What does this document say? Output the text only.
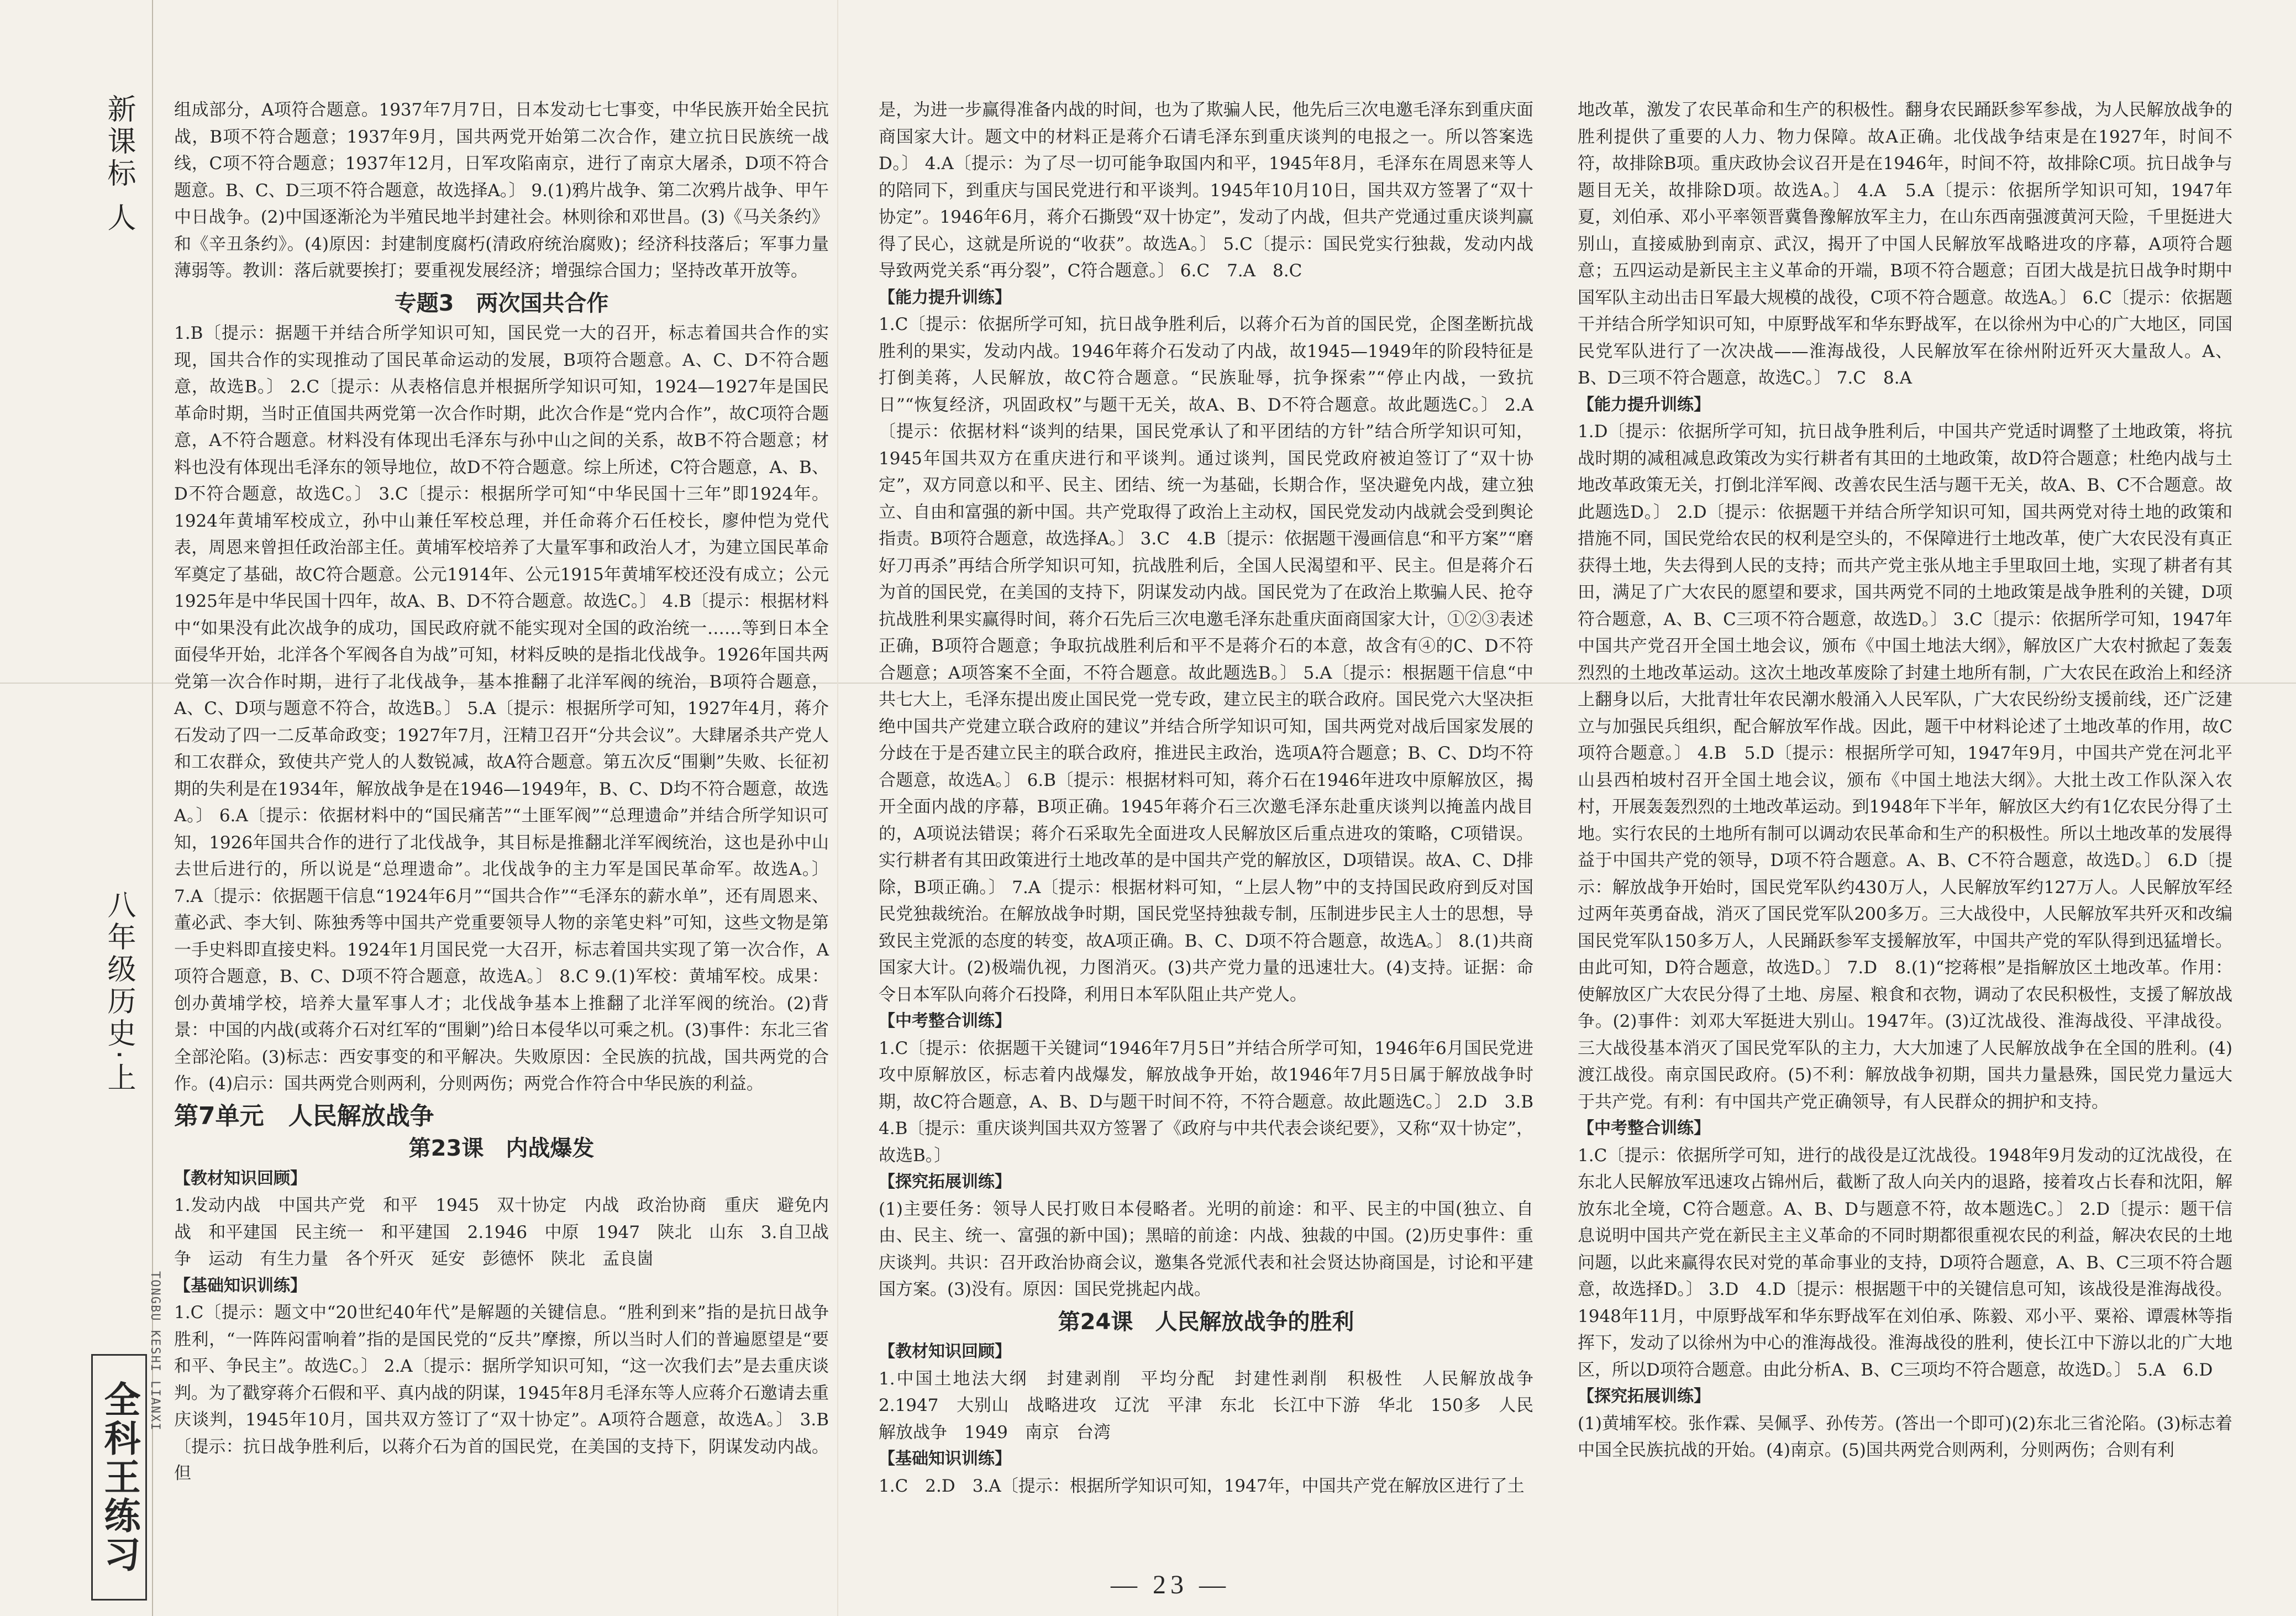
新课标 人
八年级历史·上
TONGBU KESHI LIANXI
全科王练习

组成部分，A项符合题意。1937年7月7日，日本发动七七事变，中华民族开始全民抗战，B项不符合题意；1937年9月，国共两党开始第二次合作，建立抗日民族统一战线，C项不符合题意；1937年12月，日军攻陷南京，进行了南京大屠杀，D项不符合题意。B、C、D三项不符合题意，故选择A。〕 9.(1)鸦片战争、第二次鸦片战争、甲午中日战争。(2)中国逐渐沦为半殖民地半封建社会。林则徐和邓世昌。(3)《马关条约》和《辛丑条约》。(4)原因：封建制度腐朽(清政府统治腐败)；经济科技落后；军事力量薄弱等。教训：落后就要挨打；要重视发展经济；增强综合国力；坚持改革开放等。

专题3　两次国共合作

1.B〔提示：据题干并结合所学知识可知，国民党一大的召开，标志着国共合作的实现，国共合作的实现推动了国民革命运动的发展，B项符合题意。A、C、D不符合题意，故选B。〕 2.C〔提示：从表格信息并根据所学知识可知，1924—1927年是国民革命时期，当时正值国共两党第一次合作时期，此次合作是“党内合作”，故C项符合题意，A不符合题意。材料没有体现出毛泽东与孙中山之间的关系，故B不符合题意；材料也没有体现出毛泽东的领导地位，故D不符合题意。综上所述，C符合题意，A、B、D不符合题意，故选C。〕 3.C〔提示：根据所学可知“中华民国十三年”即1924年。1924年黄埔军校成立，孙中山兼任军校总理，并任命蒋介石任校长，廖仲恺为党代表，周恩来曾担任政治部主任。黄埔军校培养了大量军事和政治人才，为建立国民革命军奠定了基础，故C符合题意。公元1914年、公元1915年黄埔军校还没有成立；公元1925年是中华民国十四年，故A、B、D不符合题意。故选C。〕 4.B〔提示：根据材料中“如果没有此次战争的成功，国民政府就不能实现对全国的政治统一……等到日本全面侵华开始，北洋各个军阀各自为战”可知，材料反映的是指北伐战争。1926年国共两党第一次合作时期，进行了北伐战争，基本推翻了北洋军阀的统治，B项符合题意，A、C、D项与题意不符合，故选B。〕 5.A〔提示：根据所学可知，1927年4月，蒋介石发动了四一二反革命政变；1927年7月，汪精卫召开“分共会议”。大肆屠杀共产党人和工农群众，致使共产党人的人数锐减，故A符合题意。第五次反“围剿”失败、长征初期的失利是在1934年，解放战争是在1946—1949年，B、C、D均不符合题意，故选A。〕 6.A〔提示：依据材料中的“国民痛苦”“土匪军阀”“总理遗命”并结合所学知识可知，1926年国共合作的进行了北伐战争，其目标是推翻北洋军阀统治，这也是孙中山去世后进行的，所以说是“总理遗命”。北伐战争的主力军是国民革命军。故选A。〕 7.A〔提示：依据题干信息“1924年6月”“国共合作”“毛泽东的薪水单”，还有周恩来、董必武、李大钊、陈独秀等中国共产党重要领导人物的亲笔史料”可知，这些文物是第一手史料即直接史料。1924年1月国民党一大召开，标志着国共实现了第一次合作，A项符合题意，B、C、D项不符合题意，故选A。〕 8.C 9.(1)军校：黄埔军校。成果：创办黄埔学校，培养大量军事人才；北伐战争基本上推翻了北洋军阀的统治。(2)背景：中国的内战(或蒋介石对红军的“围剿”)给日本侵华以可乘之机。(3)事件：东北三省全部沦陷。(3)标志：西安事变的和平解决。失败原因：全民族的抗战，国共两党的合作。(4)启示：国共两党合则两利，分则两伤；两党合作符合中华民族的利益。

第7单元　人民解放战争
第23课　内战爆发
【教材知识回顾】

1.发动内战　中国共产党　和平　1945　双十协定　内战　政治协商　重庆　避免内战　和平建国　民主统一　和平建国　2.1946　中原　1947　陕北　山东　3.自卫战争　运动　有生力量　各个歼灭　延安　彭德怀　陕北　孟良崮

【基础知识训练】

1.C〔提示：题文中“20世纪40年代”是解题的关键信息。“胜利到来”指的是抗日战争胜利，“一阵阵闷雷响着”指的是国民党的“反共”摩擦，所以当时人们的普遍愿望是“要和平、争民主”。故选C。〕 2.A〔提示：据所学知识可知，“这一次我们去”是去重庆谈判。为了戳穿蒋介石假和平、真内战的阴谋，1945年8月毛泽东等人应蒋介石邀请去重庆谈判，1945年10月，国共双方签订了“双十协定”。A项符合题意，故选A。〕 3.B〔提示：抗日战争胜利后，以蒋介石为首的国民党，在美国的支持下，阴谋发动内战。但

是，为进一步赢得准备内战的时间，也为了欺骗人民，他先后三次电邀毛泽东到重庆面商国家大计。题文中的材料正是蒋介石请毛泽东到重庆谈判的电报之一。所以答案选D。〕 4.A〔提示：为了尽一切可能争取国内和平，1945年8月，毛泽东在周恩来等人的陪同下，到重庆与国民党进行和平谈判。1945年10月10日，国共双方签署了“双十协定”。1946年6月，蒋介石撕毁“双十协定”，发动了内战，但共产党通过重庆谈判赢得了民心，这就是所说的“收获”。故选A。〕 5.C〔提示：国民党实行独裁，发动内战导致两党关系“再分裂”，C符合题意。〕 6.C　7.A　8.C

【能力提升训练】

1.C〔提示：依据所学可知，抗日战争胜利后，以蒋介石为首的国民党，企图垄断抗战胜利的果实，发动内战。1946年蒋介石发动了内战，故1945—1949年的阶段特征是打倒美蒋，人民解放，故C符合题意。“民族耻辱，抗争探索”“停止内战，一致抗日”“恢复经济，巩固政权”与题干无关，故A、B、D不符合题意。故此题选C。〕 2.A〔提示：依据材料“谈判的结果，国民党承认了和平团结的方针”结合所学知识可知，1945年国共双方在重庆进行和平谈判。通过谈判，国民党政府被迫签订了“双十协定”，双方同意以和平、民主、团结、统一为基础，长期合作，坚决避免内战，建立独立、自由和富强的新中国。共产党取得了政治上主动权，国民党发动内战就会受到舆论指责。B项符合题意，故选择A。〕 3.C　4.B〔提示：依据题干漫画信息“和平方案”“磨好刀再杀”再结合所学知识可知，抗战胜利后，全国人民渴望和平、民主。但是蒋介石为首的国民党，在美国的支持下，阴谋发动内战。国民党为了在政治上欺骗人民、抢夺抗战胜利果实赢得时间，蒋介石先后三次电邀毛泽东赴重庆面商国家大计，①②③表述正确，B项符合题意；争取抗战胜利后和平不是蒋介石的本意，故含有④的C、D不符合题意；A项答案不全面，不符合题意。故此题选B。〕 5.A〔提示：根据题干信息“中共七大上，毛泽东提出废止国民党一党专政，建立民主的联合政府。国民党六大坚决拒绝中国共产党建立联合政府的建议”并结合所学知识可知，国共两党对战后国家发展的分歧在于是否建立民主的联合政府，推进民主政治，选项A符合题意；B、C、D均不符合题意，故选A。〕 6.B〔提示：根据材料可知，蒋介石在1946年进攻中原解放区，揭开全面内战的序幕，B项正确。1945年蒋介石三次邀毛泽东赴重庆谈判以掩盖内战目的，A项说法错误；蒋介石采取先全面进攻人民解放区后重点进攻的策略，C项错误。实行耕者有其田政策进行土地改革的是中国共产党的解放区，D项错误。故A、C、D排除，B项正确。〕 7.A〔提示：根据材料可知，“上层人物”中的支持国民政府到反对国民党独裁统治。在解放战争时期，国民党坚持独裁专制，压制进步民主人士的思想，导致民主党派的态度的转变，故A项正确。B、C、D项不符合题意，故选A。〕 8.(1)共商国家大计。(2)极端仇视，力图消灭。(3)共产党力量的迅速壮大。(4)支持。证据：命令日本军队向蒋介石投降，利用日本军队阻止共产党人。

【中考整合训练】

1.C〔提示：依据题干关键词“1946年7月5日”并结合所学可知，1946年6月国民党进攻中原解放区，标志着内战爆发，解放战争开始，故1946年7月5日属于解放战争时期，故C符合题意，A、B、D与题干时间不符，不符合题意。故此题选C。〕 2.D　3.B　4.B〔提示：重庆谈判国共双方签署了《政府与中共代表会谈纪要》，又称“双十协定”，故选B。〕

【探究拓展训练】

(1)主要任务：领导人民打败日本侵略者。光明的前途：和平、民主的中国(独立、自由、民主、统一、富强的新中国)；黑暗的前途：内战、独裁的中国。(2)历史事件：重庆谈判。共识：召开政治协商会议，邀集各党派代表和社会贤达协商国是，讨论和平建国方案。(3)没有。原因：国民党挑起内战。

第24课　人民解放战争的胜利
【教材知识回顾】

1.中国土地法大纲　封建剥削　平均分配　封建性剥削　积极性　人民解放战争　2.1947　大别山　战略进攻　辽沈　平津　东北　长江中下游　华北　150多　人民解放战争　1949　南京　台湾

【基础知识训练】

1.C　2.D　3.A〔提示：根据所学知识可知，1947年，中国共产党在解放区进行了土

地改革，激发了农民革命和生产的积极性。翻身农民踊跃参军参战，为人民解放战争的胜利提供了重要的人力、物力保障。故A正确。北伐战争结束是在1927年，时间不符，故排除B项。重庆政协会议召开是在1946年，时间不符，故排除C项。抗日战争与题目无关，故排除D项。故选A。〕 4.A　5.A〔提示：依据所学知识可知，1947年夏，刘伯承、邓小平率领晋冀鲁豫解放军主力，在山东西南强渡黄河天险，千里挺进大别山，直接威胁到南京、武汉，揭开了中国人民解放军战略进攻的序幕，A项符合题意；五四运动是新民主主义革命的开端，B项不符合题意；百团大战是抗日战争时期中国军队主动出击日军最大规模的战役，C项不符合题意。故选A。〕 6.C〔提示：依据题干并结合所学知识可知，中原野战军和华东野战军，在以徐州为中心的广大地区，同国民党军队进行了一次决战——淮海战役，人民解放军在徐州附近歼灭大量敌人。A、B、D三项不符合题意，故选C。〕 7.C　8.A

【能力提升训练】

1.D〔提示：依据所学可知，抗日战争胜利后，中国共产党适时调整了土地政策，将抗战时期的减租减息政策改为实行耕者有其田的土地政策，故D符合题意；杜绝内战与土地改革政策无关，打倒北洋军阀、改善农民生活与题干无关，故A、B、C不合题意。故此题选D。〕 2.D〔提示：依据题干并结合所学知识可知，国共两党对待土地的政策和措施不同，国民党给农民的权利是空头的，不保障进行土地改革，使广大农民没有真正获得土地，失去得到人民的支持；而共产党主张从地主手里取回土地，实现了耕者有其田，满足了广大农民的愿望和要求，国共两党不同的土地政策是战争胜利的关键，D项符合题意，A、B、C三项不符合题意，故选D。〕 3.C〔提示：依据所学可知，1947年中国共产党召开全国土地会议，颁布《中国土地法大纲》，解放区广大农村掀起了轰轰烈烈的土地改革运动。这次土地改革废除了封建土地所有制，广大农民在政治上和经济上翻身以后，大批青壮年农民潮水般涌入人民军队，广大农民纷纷支援前线，还广泛建立与加强民兵组织，配合解放军作战。因此，题干中材料论述了土地改革的作用，故C项符合题意。〕 4.B　5.D〔提示：根据所学可知，1947年9月，中国共产党在河北平山县西柏坡村召开全国土地会议，颁布《中国土地法大纲》。大批土改工作队深入农村，开展轰轰烈烈的土地改革运动。到1948年下半年，解放区大约有1亿农民分得了土地。实行农民的土地所有制可以调动农民革命和生产的积极性。所以土地改革的发展得益于中国共产党的领导，D项不符合题意。A、B、C不符合题意，故选D。〕 6.D〔提示：解放战争开始时，国民党军队约430万人，人民解放军约127万人。人民解放军经过两年英勇奋战，消灭了国民党军队200多万。三大战役中，人民解放军共歼灭和改编国民党军队150多万人，人民踊跃参军支援解放军，中国共产党的军队得到迅猛增长。由此可知，D符合题意，故选D。〕 7.D　8.(1)“挖蒋根”是指解放区土地改革。作用：使解放区广大农民分得了土地、房屋、粮食和衣物，调动了农民积极性，支援了解放战争。(2)事件：刘邓大军挺进大别山。1947年。(3)辽沈战役、淮海战役、平津战役。三大战役基本消灭了国民党军队的主力，大大加速了人民解放战争在全国的胜利。(4)渡江战役。南京国民政府。(5)不利：解放战争初期，国共力量悬殊，国民党力量远大于共产党。有利：有中国共产党正确领导，有人民群众的拥护和支持。

【中考整合训练】

1.C〔提示：依据所学可知，进行的战役是辽沈战役。1948年9月发动的辽沈战役，在东北人民解放军迅速攻占锦州后，截断了敌人向关内的退路，接着攻占长春和沈阳，解放东北全境，C符合题意。A、B、D与题意不符，故本题选C。〕 2.D〔提示：题干信息说明中国共产党在新民主主义革命的不同时期都很重视农民的利益，解决农民的土地问题，以此来赢得农民对党的革命事业的支持，D项符合题意，A、B、C三项不符合题意，故选择D。〕 3.D　4.D〔提示：根据题干中的关键信息可知，该战役是淮海战役。1948年11月，中原野战军和华东野战军在刘伯承、陈毅、邓小平、粟裕、谭震林等指挥下，发动了以徐州为中心的淮海战役。淮海战役的胜利，使长江中下游以北的广大地区，所以D项符合题意。由此分析A、B、C三项均不符合题意，故选D。〕 5.A　6.D

【探究拓展训练】

(1)黄埔军校。张作霖、吴佩孚、孙传芳。(答出一个即可)(2)东北三省沦陷。(3)标志着中国全民族抗战的开始。(4)南京。(5)国共两党合则两利，分则两伤；合则有利

— 23 —
